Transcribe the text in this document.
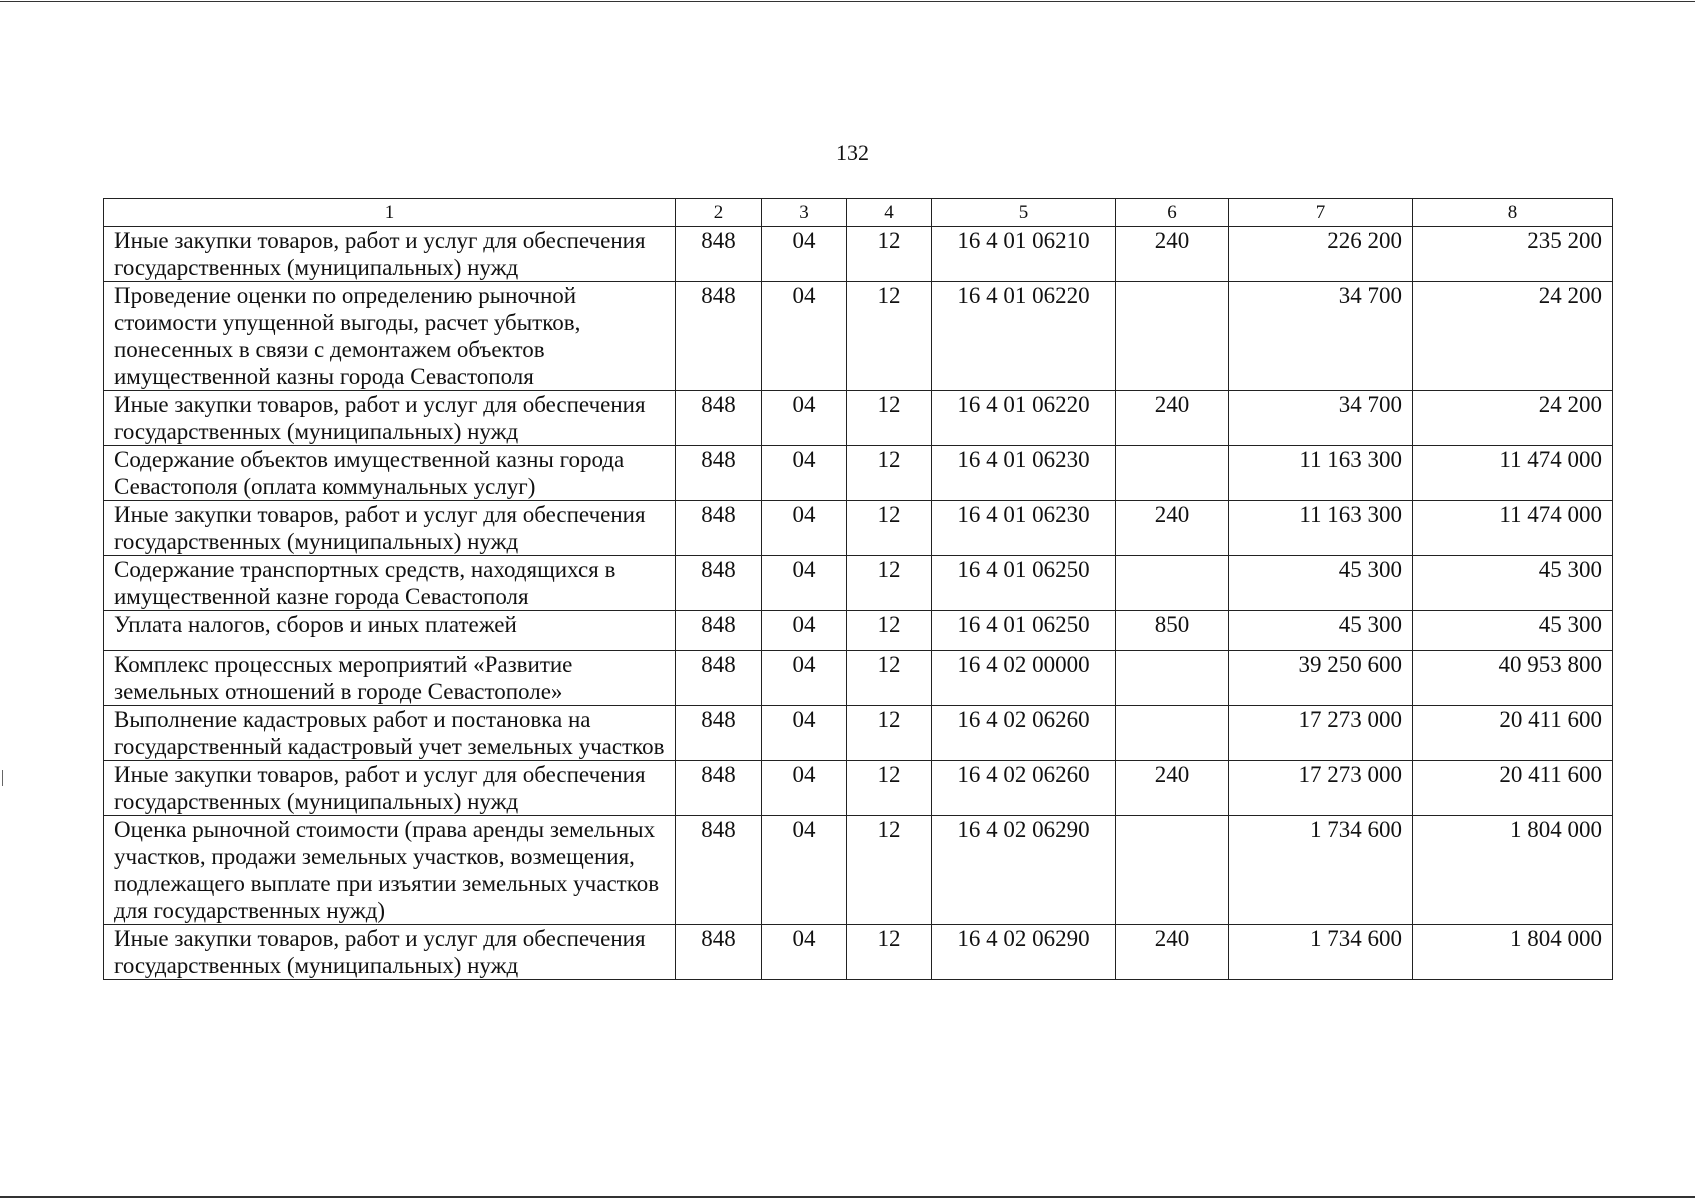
132
1	2	3	4	5	6	7	8
Иные закупки товаров, работ и услуг для обеспечения государственных (муниципальных) нужд	848	04	12	16 4 01 06210	240	226 200	235 200
Проведение оценки по определению рыночной стоимости упущенной выгоды, расчет убытков, понесенных в связи с демонтажем объектов имущественной казны города Севастополя	848	04	12	16 4 01 06220		34 700	24 200
Иные закупки товаров, работ и услуг для обеспечения государственных (муниципальных) нужд	848	04	12	16 4 01 06220	240	34 700	24 200
Содержание объектов имущественной казны города Севастополя (оплата коммунальных услуг)	848	04	12	16 4 01 06230		11 163 300	11 474 000
Иные закупки товаров, работ и услуг для обеспечения государственных (муниципальных) нужд	848	04	12	16 4 01 06230	240	11 163 300	11 474 000
Содержание транспортных средств, находящихся в имущественной казне города Севастополя	848	04	12	16 4 01 06250		45 300	45 300
Уплата налогов, сборов и иных платежей	848	04	12	16 4 01 06250	850	45 300	45 300
Комплекс процессных мероприятий «Развитие земельных отношений в городе Севастополе»	848	04	12	16 4 02 00000		39 250 600	40 953 800
Выполнение кадастровых работ и постановка на государственный кадастровый учет земельных участков	848	04	12	16 4 02 06260		17 273 000	20 411 600
Иные закупки товаров, работ и услуг для обеспечения государственных (муниципальных) нужд	848	04	12	16 4 02 06260	240	17 273 000	20 411 600
Оценка рыночной стоимости (права аренды земельных участков, продажи земельных участков, возмещения, подлежащего выплате при изъятии земельных участков для государственных нужд)	848	04	12	16 4 02 06290		1 734 600	1 804 000
Иные закупки товаров, работ и услуг для обеспечения государственных (муниципальных) нужд	848	04	12	16 4 02 06290	240	1 734 600	1 804 000
